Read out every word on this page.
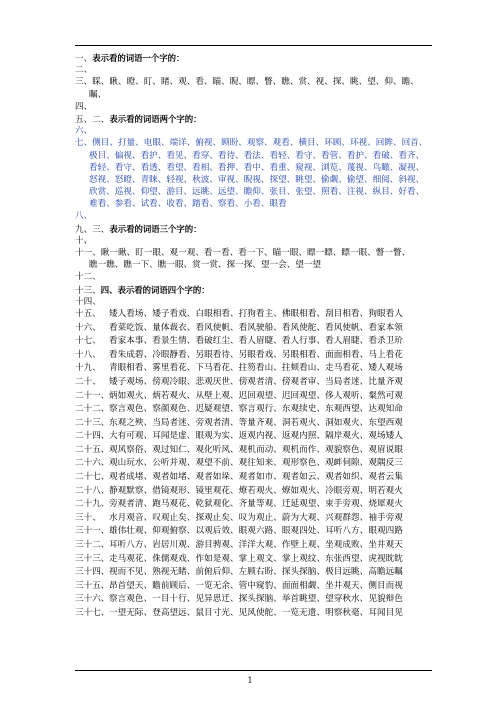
一、表示看的词语一个字的：
二、
三、睬、瞅、瞪、盯、睹、观、看、瞄、睨、瞟、瞥、瞧、赏、视、探、眺、望、仰、瞻、
瞩、
四、
五、二、表示看的词语两个字的：
六、
七、侧目、打量、电眼、端详、俯视、顾盼、观察、观看、横目、环顾、环视、回眸、回首、
极目、偏视、看护、看见、看穿、看待、看法、看轻、看守、看管、看护、看破、看齐、
看轻、看守、看透、看望、看相、看押、看中、看重、窥视、浏览、蔑视、鸟瞰、凝视、
怒视、怒瞪、青睐、轻视、秋波、审视、睨视、探望、眺望、偷觑、偷望、细阅、斜视、
欣赏、巡视、仰望、游目、远眺、远望、瞻仰、张目、张望、照看、注视、纵目、好看、
难看、参看、试看、收看、踏看、察看、小看、眼看
八、
九、三、表示看的词语三个字的：
十、
十一、瞅一瞅、盯一眼、观一观、看一看、看一下、瞄一眼、瞟一瞟、瞟一眼、瞥一瞥、
瞧一瞧、瞧一下、瞧一眼、赏一赏、探一探、望一会、望一望
十二、
十三、四、表示看的词语四个字的：
十四、
十五、 矮人看场、矮子看戏、白眼相看、打狗看主、佛眼相看、刮目相看、狗眼看人
十六、 看菜吃饭、量体裁衣、看风使帆、看风驶船、看风使舵、看风使帆、看家本领
十七、 看家本事、看景生情、看破红尘、看人眉睫、看人行事、看人眉睫、看杀卫玠
十八、 看朱成碧、冷眼静看、另眼看待、另眼看戏、另眼相看、面面相看、马上看花
十九、 青眼相看、雾里看花、下马看花、拄笏看山、拄颊看山、走马看花、矮人观场
二十、 矮子观场、傍观冷眼、悲观厌世、傍观者清、傍观者审、当局者迷、比量齐观
二十一、炳如观火、炳若观火、从壁上观、迟回观望、迟回观望、侈人观听、粲然可观
二十二、察言观色、察颜观色、迟疑观望、察言观行、东观续史、东观西望、达观知命
二十三、东观之殃、当局者迷、旁观者清、等量齐观、洞若观火、洞如观火、东望西观
二十四、大有可观、耳闻是虚、眼观为实、返观内视、返观内照、隔岸观火、观场矮人
二十五、观风察俗、观过知仁、观化听风、观机而动、观机而作、观貌察色、观眉说眼
二十六、观山玩水、公听并观、观望不前、观往知来、观形察色、观衅伺隙、观隅反三
二十七、观者成堵、观者如堵、观者如垛、观者如市、观者如云、观者如织、观者云集
二十八、静观默察、借镜观形、镜里观花、燎若观火、燎如观火、冷眼旁观、明若观火
二十九、旁观者清、跑马观花、乾狱观化、齐量等观、迁延观望、束手旁观、烧犀观火
三十、 水月观音、叹观止矣、探观止矣、叹为观止、蔚为大观、兴观群怨、袖手旁观
三十一、雄伟壮观、仰观俯察、以观后效、眼观六路、眼观四处、耳听八方、眼观四路
三十二、耳听八方、岩居川观、游目骋观、洋洋大观、作壁上观、坐观成败、坐井观天
三十三、走马观花、侏儒观戏、作如是观、掌上观文、掌上观纹、东张西望、虎视眈眈
三十四、视而不见、熟视无睹、前俯后仰、左顾右盼、探头探脑、极目远眺、高瞻远瞩
三十五、昂首望天、瞻前顾后、一览无余、管中窥豹、面面相觑、坐井观天、侧目而视
三十六、察言观色、一目十行、见异思迁、探头探脑、举首眺望、望穿秋水、见貌辩色
三十七、一望无际、登高望远、鼠目寸光、见风使舵、一览无遗、明察秋毫、耳闻目见
1
